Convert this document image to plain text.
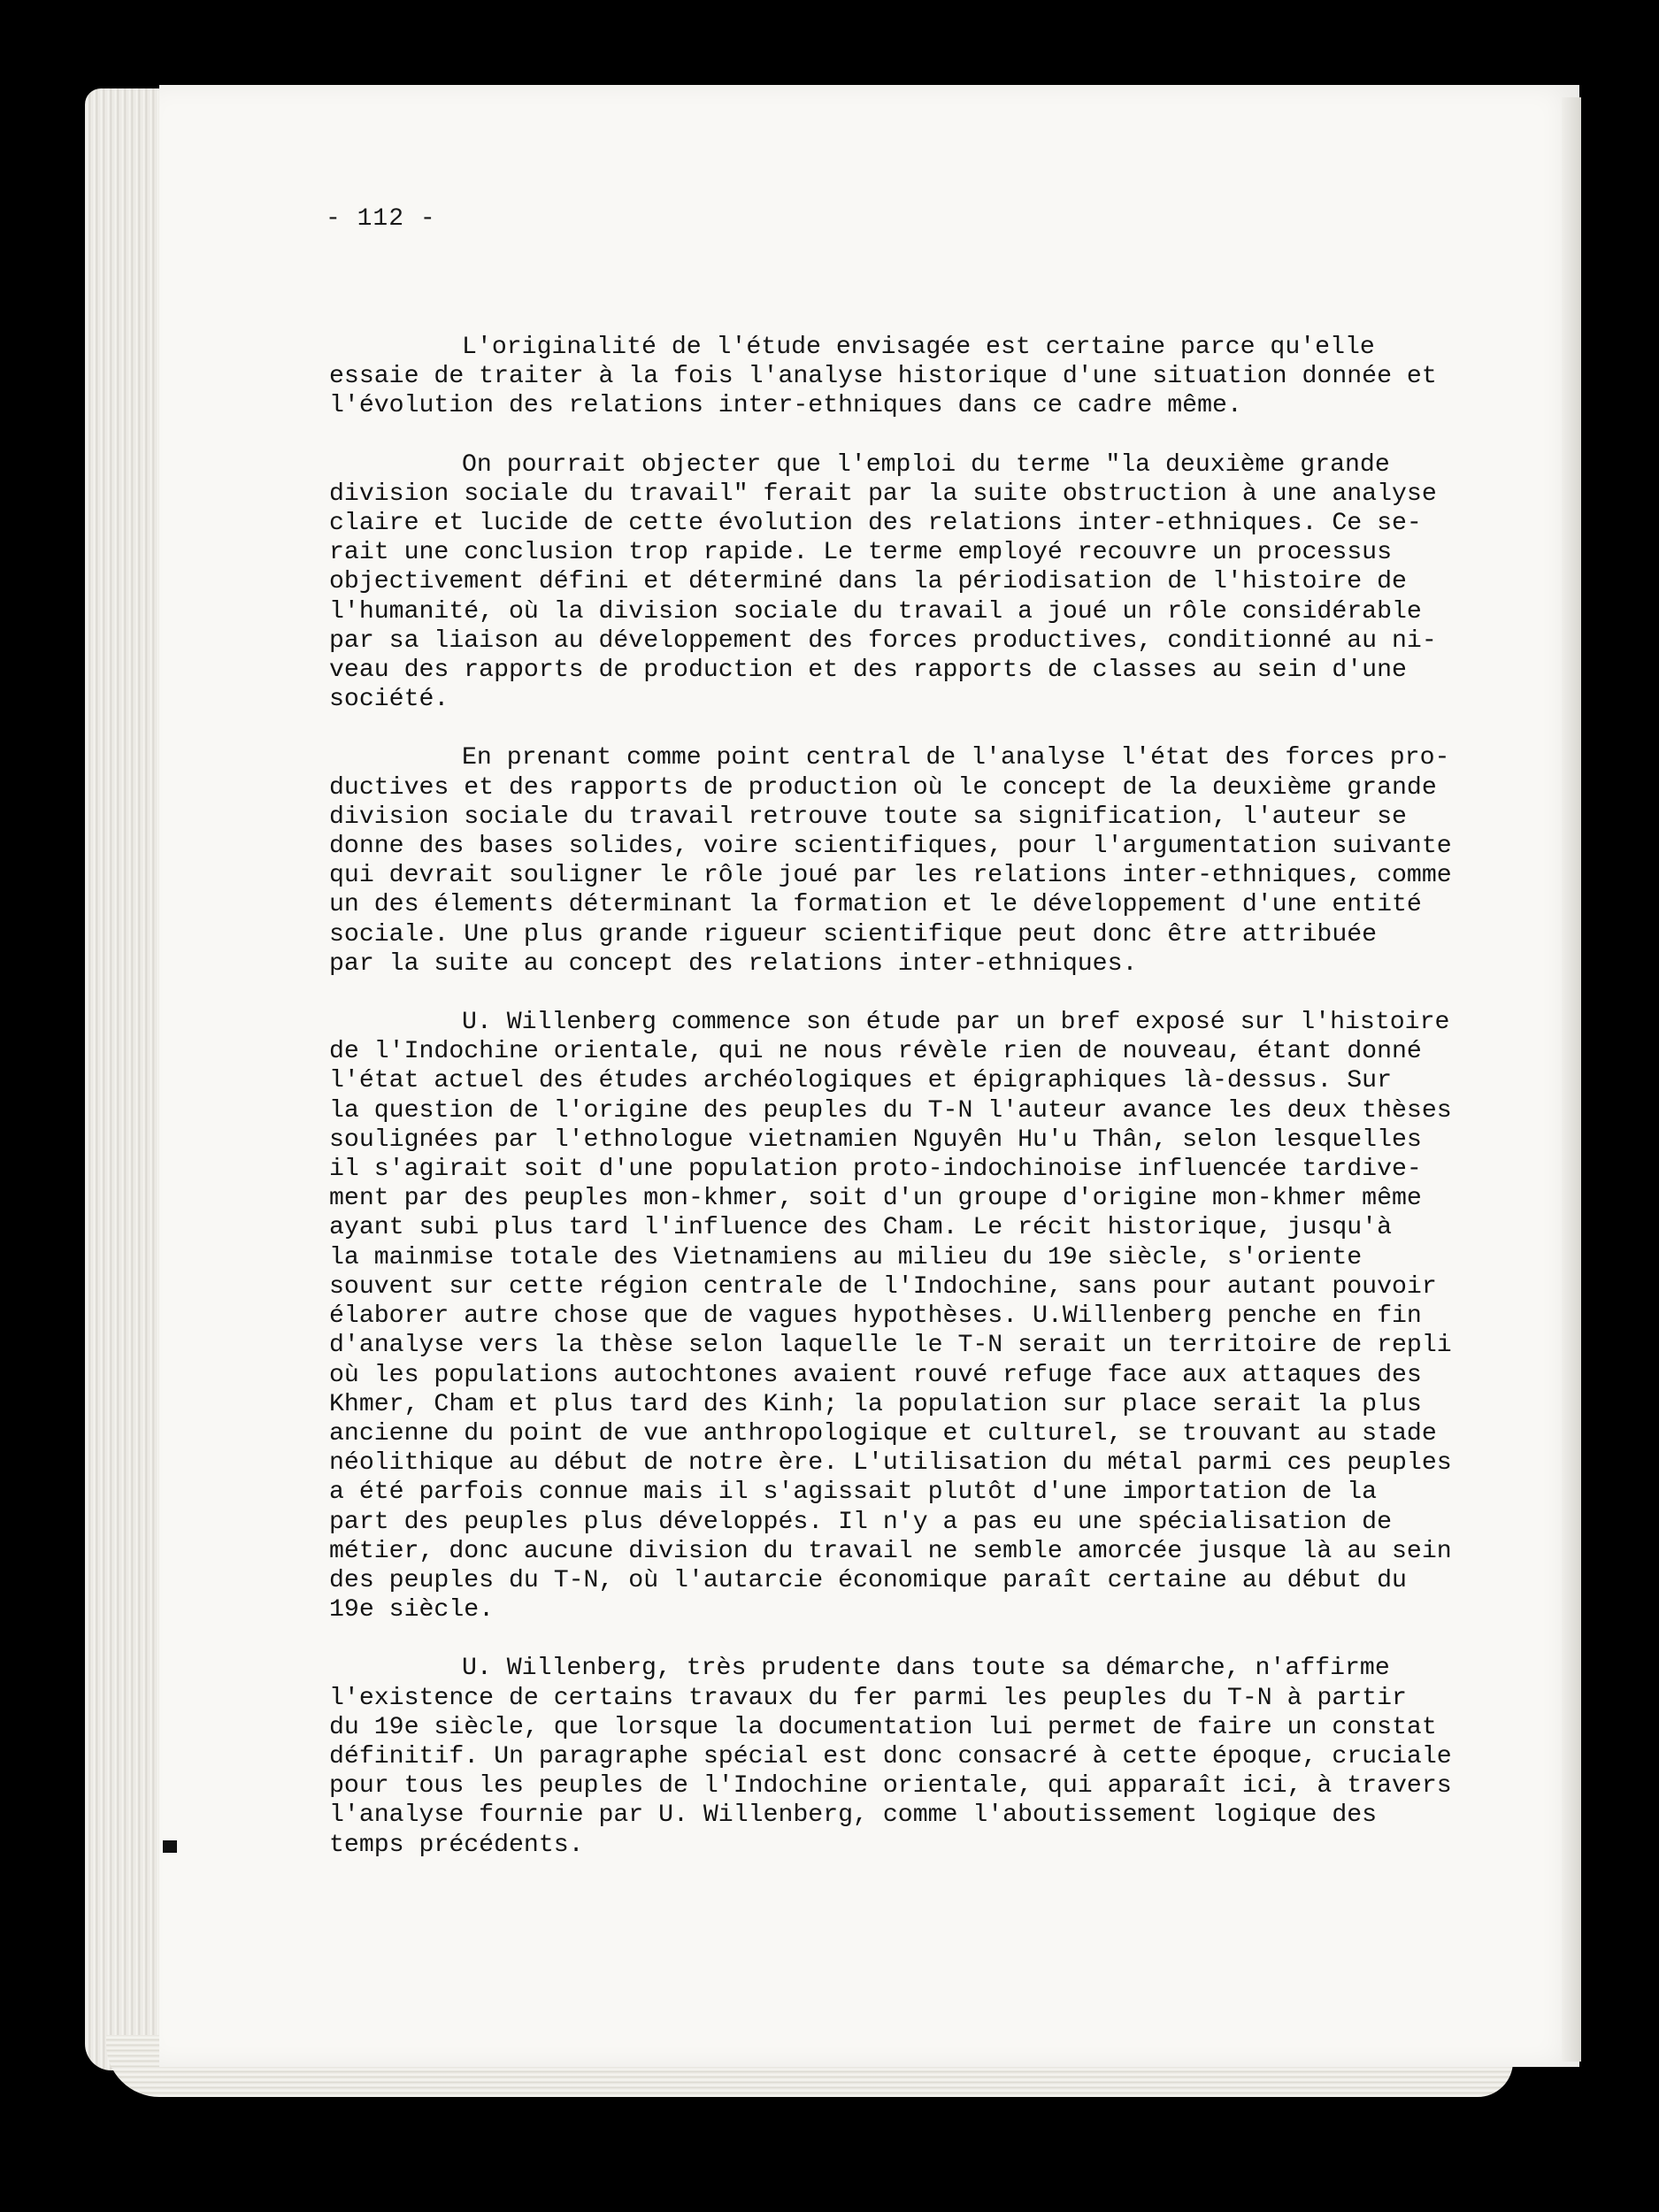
- 112 -
L'originalité de l'étude envisagée est certaine parce qu'elle
essaie de traiter à la fois l'analyse historique d'une situation donnée et
l'évolution des relations inter-ethniques dans ce cadre même.
On pourrait objecter que l'emploi du terme "la deuxième grande
division sociale du travail" ferait par la suite obstruction à une analyse
claire et lucide de cette évolution des relations inter-ethniques. Ce se-
rait une conclusion trop rapide. Le terme employé recouvre un processus
objectivement défini et déterminé dans la périodisation de l'histoire de
l'humanité, où la division sociale du travail a joué un rôle considérable
par sa liaison au développement des forces productives, conditionné au ni-
veau des rapports de production et des rapports de classes au sein d'une
société.
En prenant comme point central de l'analyse l'état des forces pro-
ductives et des rapports de production où le concept de la deuxième grande
division sociale du travail retrouve toute sa signification, l'auteur se
donne des bases solides, voire scientifiques, pour l'argumentation suivante
qui devrait souligner le rôle joué par les relations inter-ethniques, comme
un des élements déterminant la formation et le développement d'une entité
sociale. Une plus grande rigueur scientifique peut donc être attribuée
par la suite au concept des relations inter-ethniques.
U. Willenberg commence son étude par un bref exposé sur l'histoire
de l'Indochine orientale, qui ne nous révèle rien de nouveau, étant donné
l'état actuel des études archéologiques et épigraphiques là-dessus. Sur
la question de l'origine des peuples du T-N l'auteur avance les deux thèses
soulignées par l'ethnologue vietnamien Nguyên Hu'u Thân, selon lesquelles
il s'agirait soit d'une population proto-indochinoise influencée tardive-
ment par des peuples mon-khmer, soit d'un groupe d'origine mon-khmer même
ayant subi plus tard l'influence des Cham. Le récit historique, jusqu'à
la mainmise totale des Vietnamiens au milieu du 19e siècle, s'oriente
souvent sur cette région centrale de l'Indochine, sans pour autant pouvoir
élaborer autre chose que de vagues hypothèses. U.Willenberg penche en fin
d'analyse vers la thèse selon laquelle le T-N serait un territoire de repli
où les populations autochtones avaient rouvé refuge face aux attaques des
Khmer, Cham et plus tard des Kinh; la population sur place serait la plus
ancienne du point de vue anthropologique et culturel, se trouvant au stade
néolithique au début de notre ère. L'utilisation du métal parmi ces peuples
a été parfois connue mais il s'agissait plutôt d'une importation de la
part des peuples plus développés. Il n'y a pas eu une spécialisation de
métier, donc aucune division du travail ne semble amorcée jusque là au sein
des peuples du T-N, où l'autarcie économique paraît certaine au début du
19e siècle.
U. Willenberg, très prudente dans toute sa démarche, n'affirme
l'existence de certains travaux du fer parmi les peuples du T-N à partir
du 19e siècle, que lorsque la documentation lui permet de faire un constat
définitif. Un paragraphe spécial est donc consacré à cette époque, cruciale
pour tous les peuples de l'Indochine orientale, qui apparaît ici, à travers
l'analyse fournie par U. Willenberg, comme l'aboutissement logique des
temps précédents.
